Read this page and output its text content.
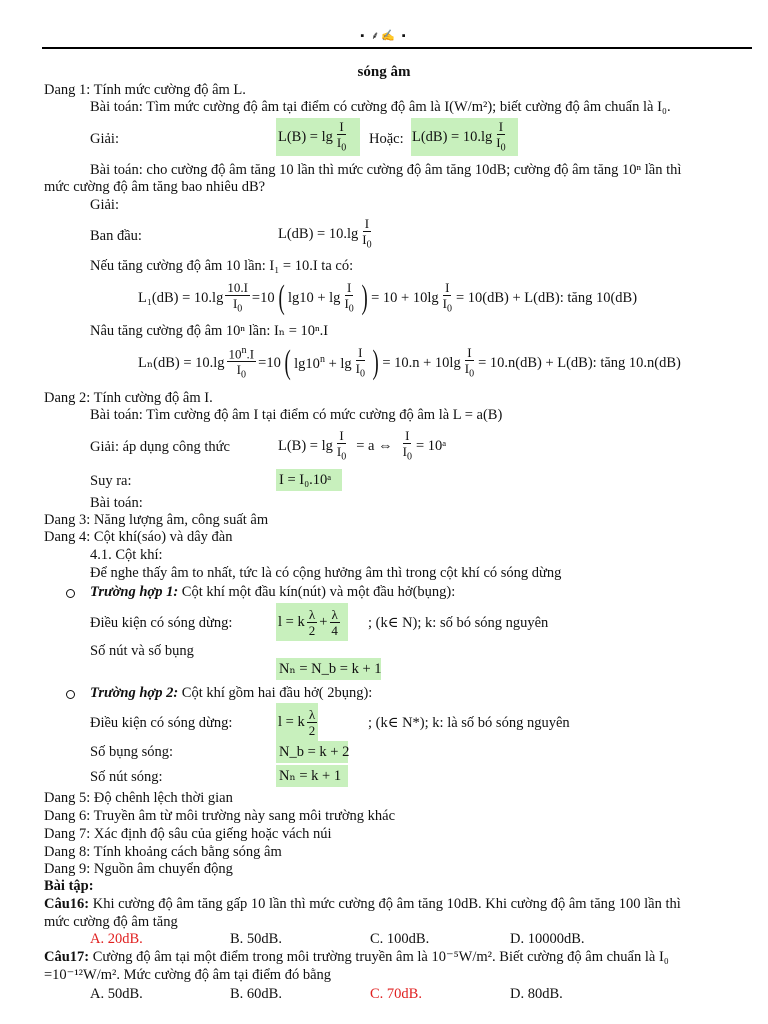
▪ ⸙✍ ▪
sóng âm
Dang 1: Tính mức cường độ âm L.
Bài toán: Tìm mức cường độ âm tại điểm có cường độ âm là I(W/m²); biết cường độ âm chuẩn là I₀.
Giải:	$L(B) = \lg \frac{I}{I_0}$ Hoặc: $L(dB) = 10.\lg \frac{I}{I_0}$
Bài toán: cho cường độ âm tăng 10 lần thì mức cường độ âm tăng 10dB; cường độ âm tăng 10ⁿ lần thì
mức cường độ âm tăng bao nhiêu dB?
Giải:
Ban đầu:	$L(dB) = 10.\lg \frac{I}{I_0}$
Nếu tăng cường độ âm 10 lần: I₁ = 10.I ta có:
$L_1(dB) = 10.\lg \frac{10.I}{I_0} =10$ ( $\lg 10 + \lg \frac{I}{I_0}$ ) = $10 + 10\lg \frac{I}{I_0} = 10(dB) + L(dB)$: tăng 10(dB)
Nâu tăng cường độ âm 10ⁿ lần: Iₙ = 10ⁿ.I
$L_n(dB) = 10.\lg \frac{10^n.I}{I_0} =10$ ( $\lg 10^n + \lg \frac{I}{I_0}$ ) = $10.n + 10\lg \frac{I}{I_0} = 10.n(dB) + L(dB)$: tăng 10.n(dB)
Dang 2: Tính cường độ âm I.
Bài toán: Tìm cường độ âm I tại điểm có mức cường độ âm là L = a(B)
Giải: áp dụng công thức	$L(B) = \lg \frac{I}{I_0} = a$ ⇔ $\frac{I}{I_0}$ = 10ᵃ
Suy ra:	I = I₀.10ᵃ
Bài toán:
Dang 3: Năng lượng âm, công suất âm
Dang 4: Cột khí(sáo) và dây đàn
4.1. Cột khí:
Để nghe thấy âm to nhất, tức là có cộng hưởng âm thì trong cột khí có sóng dừng
Trường hợp 1: Cột khí một đầu kín(nút) và một đầu hở(bụng):
Điều kiện có sóng dừng:	l = k $\frac{\lambda}{2} + \frac{\lambda}{4}$ ; (k∈ N); k: số bó sóng nguyên
Số nút và số bụng
Nₙ = N_b = k + 1
Trường hợp 2: Cột khí gồm hai đầu hở( 2bụng):
Điều kiện có sóng dừng:	l = k $\frac{\lambda}{2}$	; (k∈ N*); k: là số bó sóng nguyên
Số bụng sóng:	N_b = k + 2
Số nút sóng:	Nₙ = k + 1
Dang 5: Độ chênh lệch thời gian
Dang 6: Truyền âm từ môi trường này sang môi trường khác
Dang 7: Xác định độ sâu của giếng hoặc vách núi
Dang 8: Tính khoảng cách bằng sóng âm
Dang 9: Nguồn âm chuyển động
Bài tập:
Câu16: Khi cường độ âm tăng gấp 10 lần thì mức cường độ âm tăng 10dB. Khi cường độ âm tăng 100 lần thì
mức cường độ âm tăng
A. 20dB.	B. 50dB.	C. 100dB.	D. 10000dB.
Câu17: Cường độ âm tại một điểm trong môi trường truyền âm là 10⁻⁵W/m². Biết cường độ âm chuẩn là I₀
=10⁻¹²W/m². Mức cường độ âm tại điểm đó bằng
A. 50dB.	B. 60dB.	C. 70dB.	D. 80dB.
